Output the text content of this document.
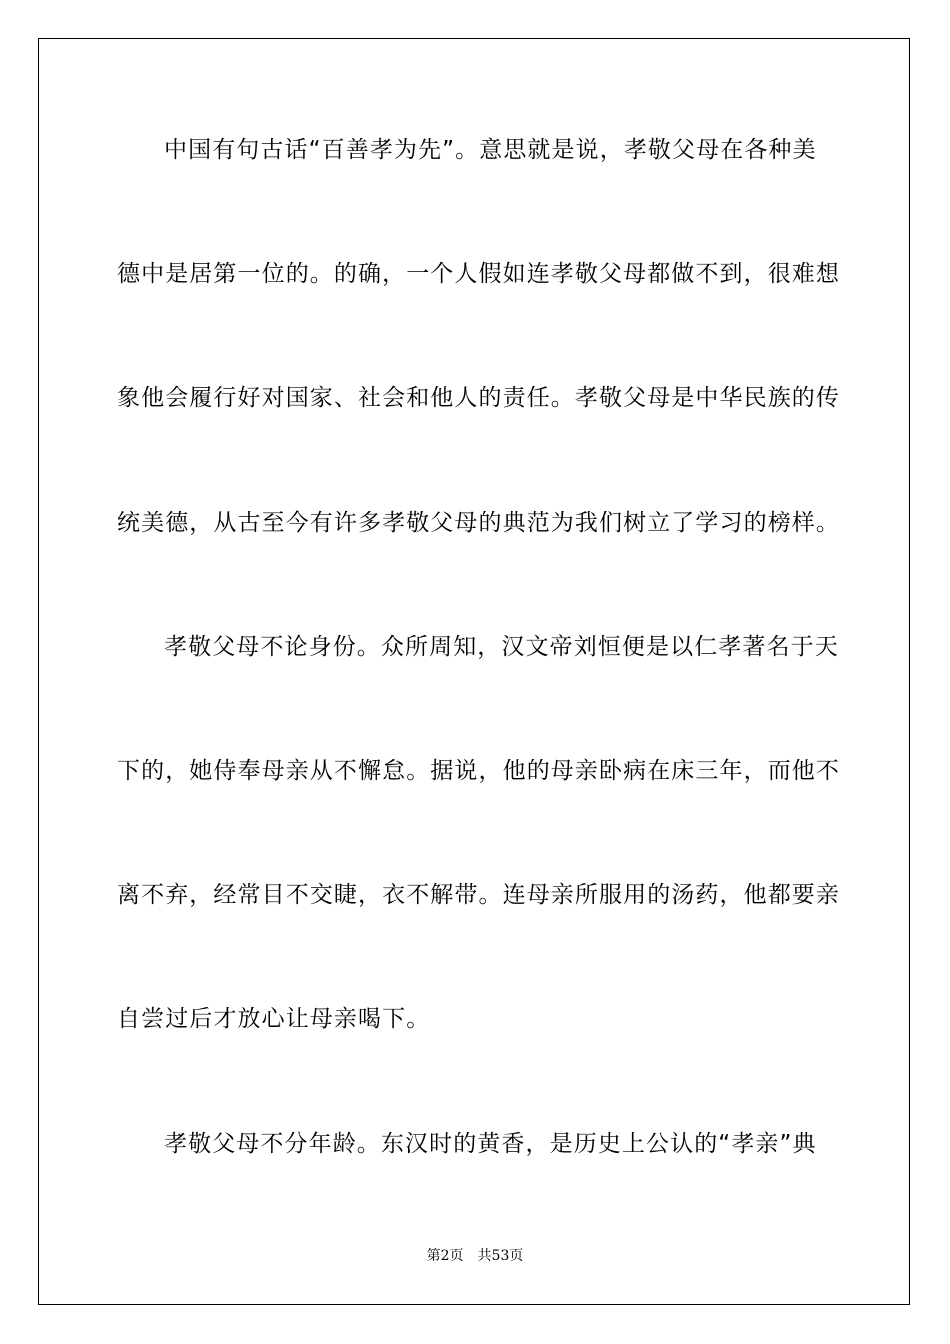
中国有句古话“百善孝为先”。意思就是说，孝敬父母在各种美
德中是居第一位的。的确，一个人假如连孝敬父母都做不到，很难想
象他会履行好对国家、社会和他人的责任。孝敬父母是中华民族的传
统美德，从古至今有许多孝敬父母的典范为我们树立了学习的榜样。
孝敬父母不论身份。众所周知，汉文帝刘恒便是以仁孝著名于天
下的，她侍奉母亲从不懈怠。据说，他的母亲卧病在床三年，而他不
离不弃，经常目不交睫，衣不解带。连母亲所服用的汤药，他都要亲
自尝过后才放心让母亲喝下。
孝敬父母不分年龄。东汉时的黄香，是历史上公认的“孝亲”典
第2页 共53页
